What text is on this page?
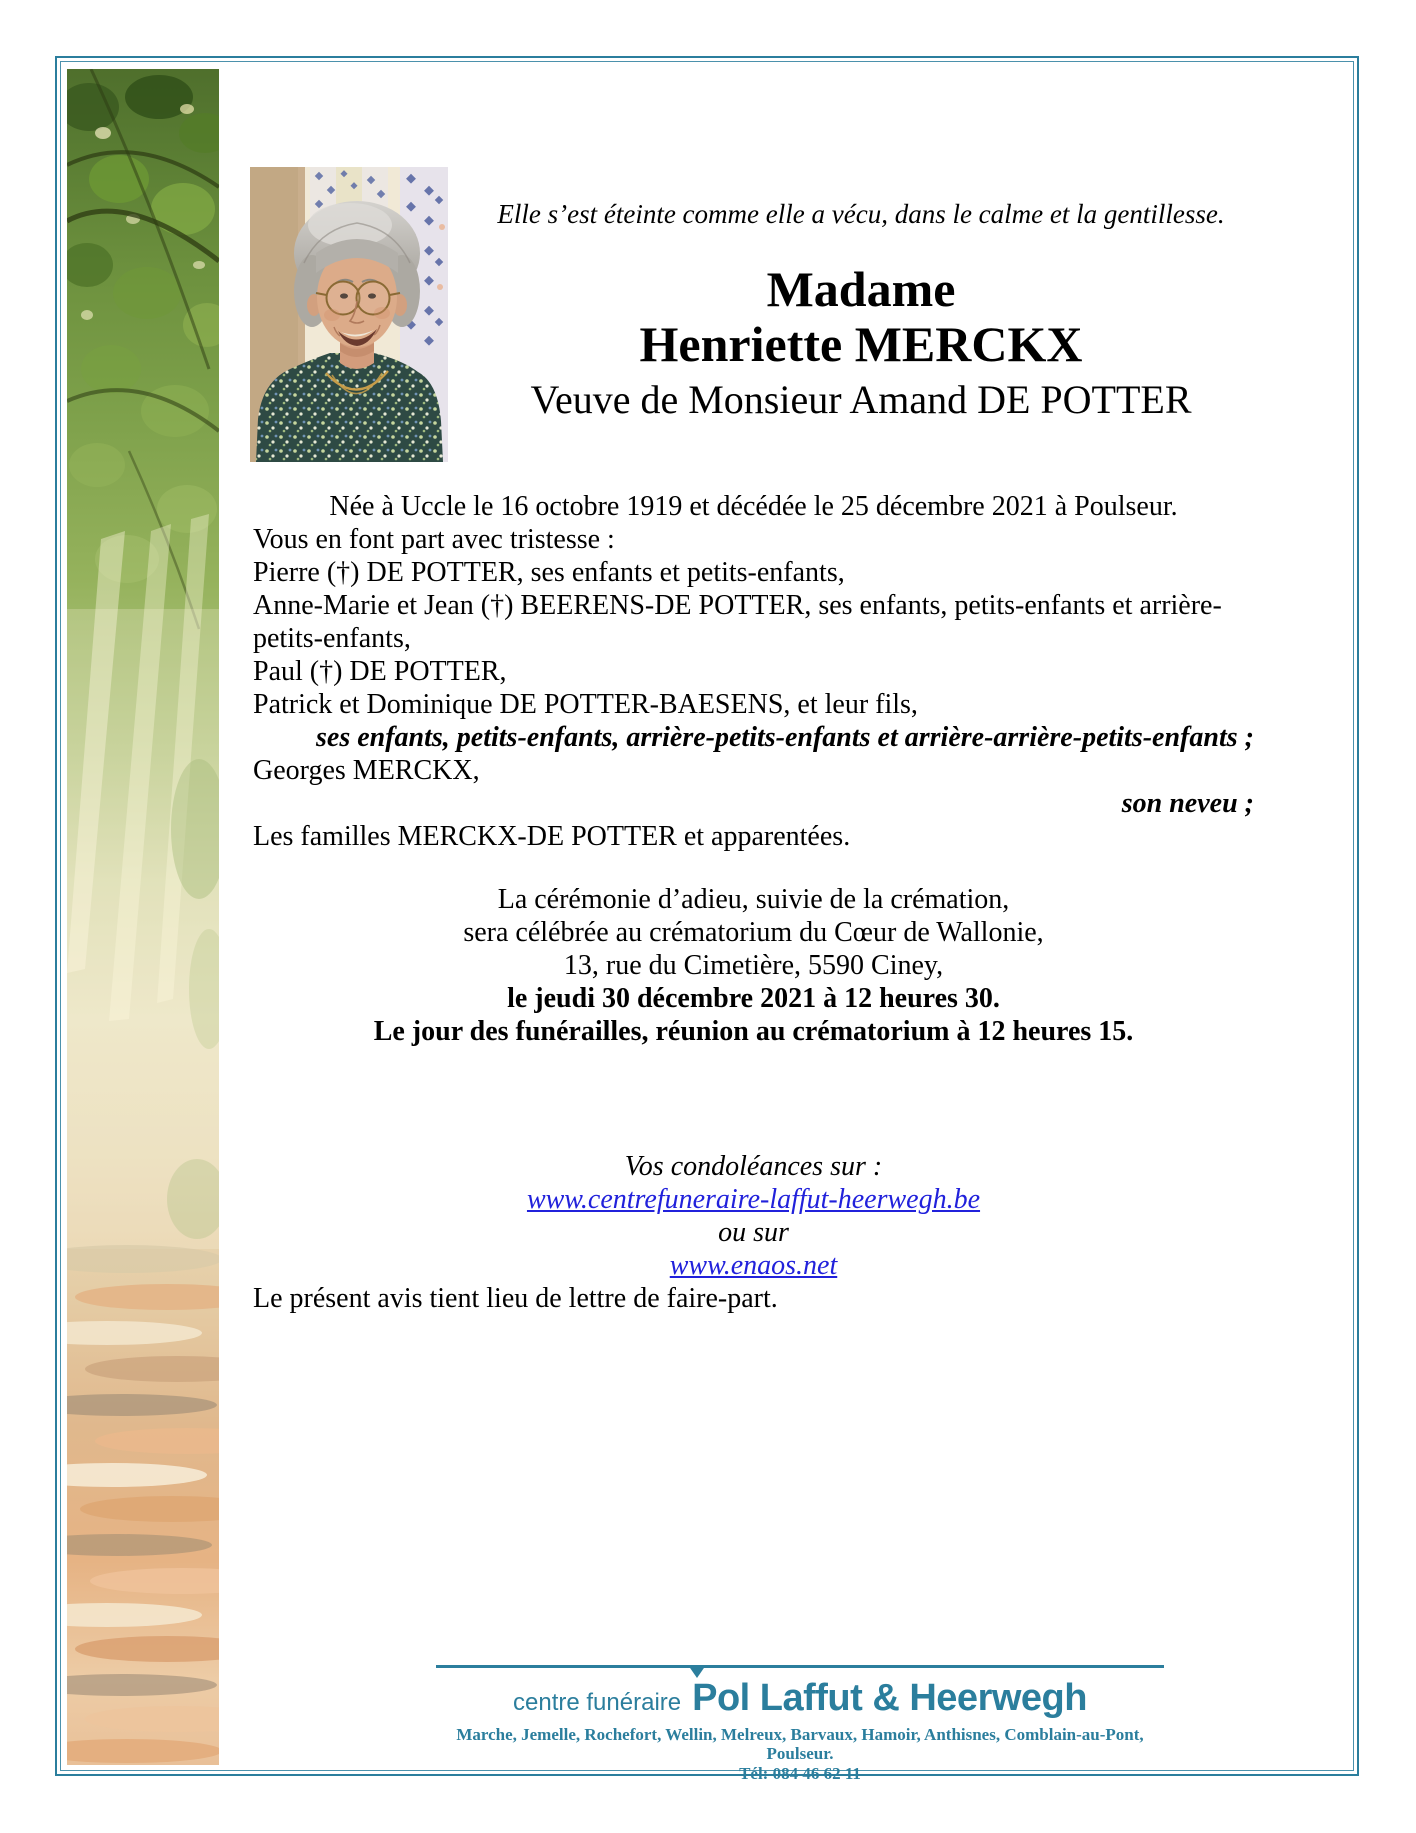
Elle s’est éteinte comme elle a vécu, dans le calme et la gentillesse.
Madame
Henriette MERCKX
Veuve de Monsieur Amand DE POTTER

Née à Uccle le 16 octobre 1919 et décédée le 25 décembre 2021 à Poulseur.

Vous en font part avec tristesse :

Pierre (†) DE POTTER, ses enfants et petits-enfants,

Anne-Marie et Jean (†) BEERENS-DE POTTER, ses enfants, petits-enfants et arrière-

petits-enfants,

Paul (†) DE POTTER,

Patrick et Dominique DE POTTER-BAESENS, et leur fils,

ses enfants, petits-enfants, arrière-petits-enfants et arrière-arrière-petits-enfants ;

Georges MERCKX,

son neveu ;

Les familles MERCKX-DE POTTER et apparentées.

La cérémonie d’adieu, suivie de la crémation,

sera célébrée au crématorium du Cœur de Wallonie,

13, rue du Cimetière, 5590 Ciney,

le jeudi 30 décembre 2021 à 12 heures 30.

Le jour des funérailles, réunion au crématorium à 12 heures 15.

Vos condoléances sur :

www.centrefuneraire-laffut-heerwegh.be

ou sur

www.enaos.net

Le présent avis tient lieu de lettre de faire-part.

centre funéraire Pol Laffut & Heerwegh
Marche, Jemelle, Rochefort, Wellin, Melreux, Barvaux, Hamoir, Anthisnes, Comblain-au-Pont, Poulseur.
Tél: 084 46 62 11
